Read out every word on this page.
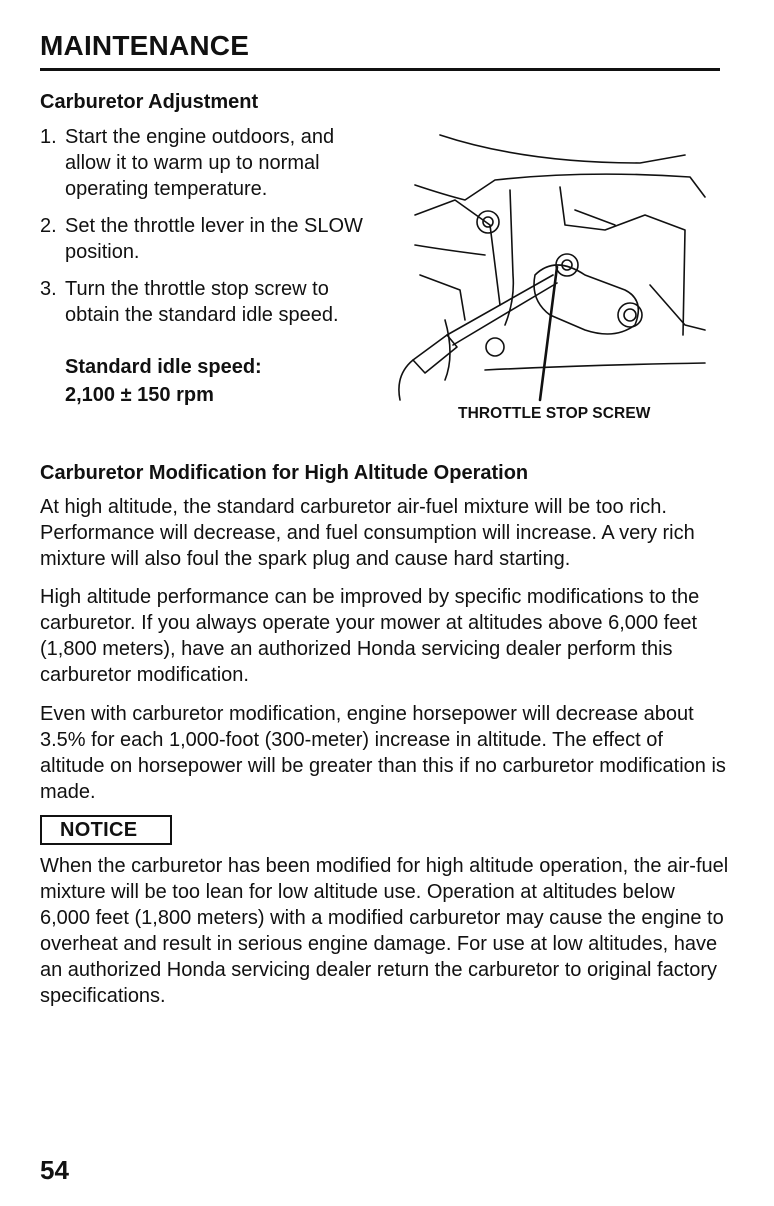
MAINTENANCE
Carburetor Adjustment
1. Start the engine outdoors, and allow it to warm up to normal operating temperature.
2. Set the throttle lever in the SLOW position.
3. Turn the throttle stop screw to obtain the standard idle speed.
Standard idle speed:
2,100 ± 150 rpm
THROTTLE STOP SCREW
Carburetor Modification for High Altitude Operation

At high altitude, the standard carburetor air-fuel mixture will be too rich. Performance will decrease, and fuel consumption will increase. A very rich mixture will also foul the spark plug and cause hard starting.

High altitude performance can be improved by specific modifications to the carburetor. If you always operate your mower at altitudes above 6,000 feet (1,800 meters), have an authorized Honda servicing dealer perform this carburetor modification.

Even with carburetor modification, engine horsepower will decrease about 3.5% for each 1,000-foot (300-meter) increase in altitude. The effect of altitude on horsepower will be greater than this if no carburetor modification is made.

NOTICE

When the carburetor has been modified for high altitude operation, the air-fuel mixture will be too lean for low altitude use. Operation at altitudes below 6,000 feet (1,800 meters) with a modified carburetor may cause the engine to overheat and result in serious engine damage. For use at low altitudes, have an authorized Honda servicing dealer return the carburetor to original factory specifications.

54
